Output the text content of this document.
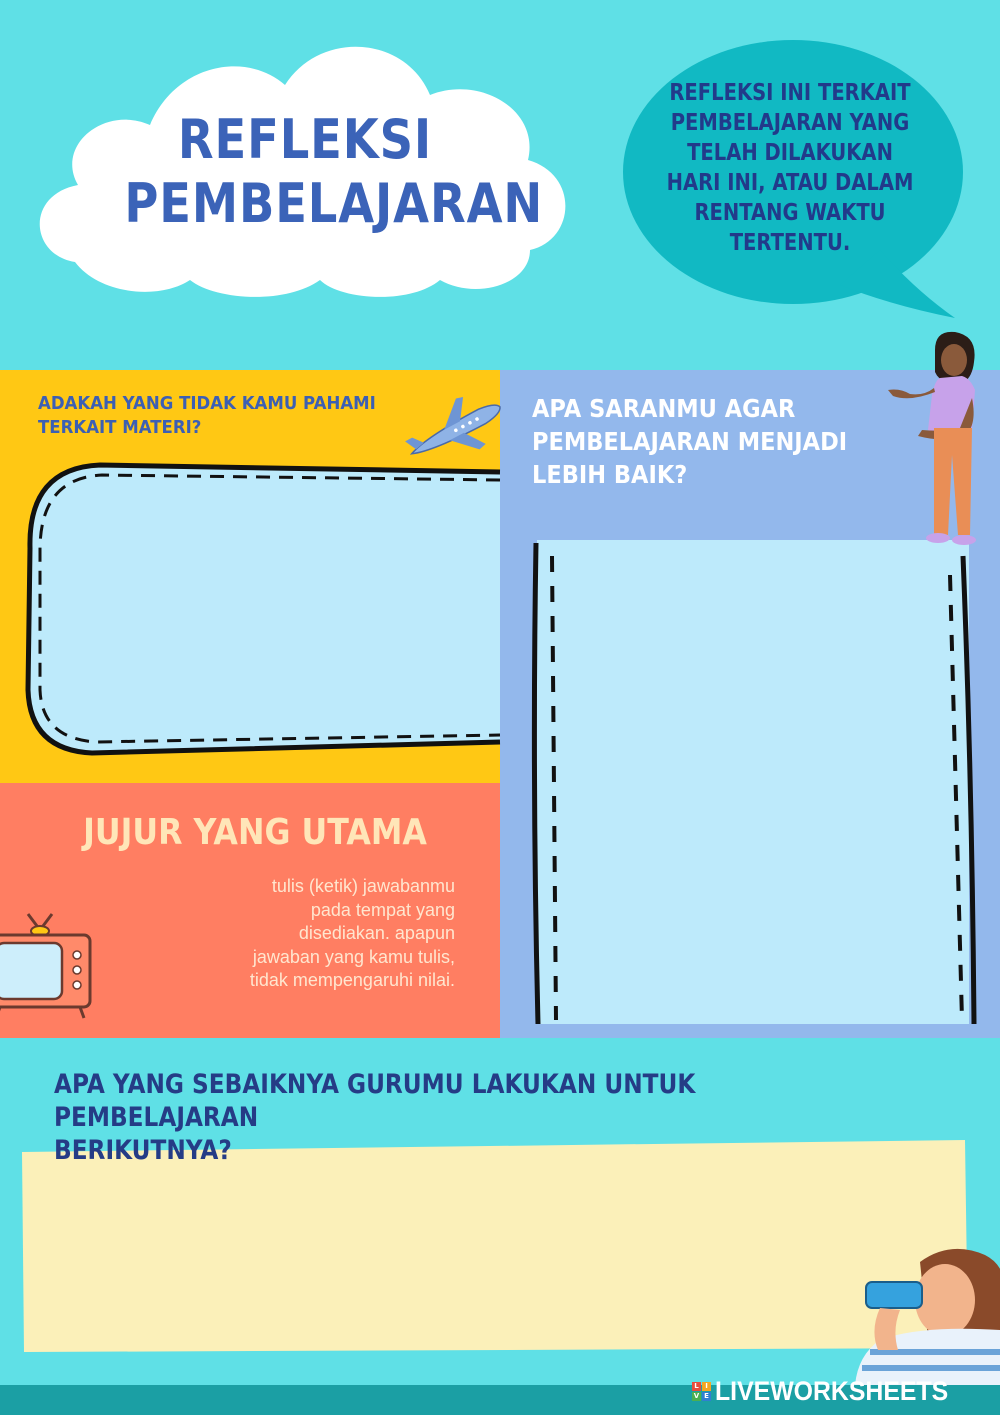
REFLEKSI
PEMBELAJARAN
REFLEKSI INI TERKAIT
PEMBELAJARAN YANG
TELAH DILAKUKAN
HARI INI, ATAU DALAM
RENTANG WAKTU
TERTENTU.
ADAKAH YANG TIDAK KAMU PAHAMI
TERKAIT MATERI?
APA SARANMU AGAR
PEMBELAJARAN MENJADI
LEBIH BAIK?
JUJUR YANG UTAMA
tulis (ketik) jawabanmu
pada tempat yang
disediakan. apapun
jawaban yang kamu tulis,
tidak mempengaruhi nilai.
APA YANG SEBAIKNYA GURUMU LAKUKAN UNTUK PEMBELAJARAN
BERIKUTNYA?
L I
V E LIVEWORKSHEETS
